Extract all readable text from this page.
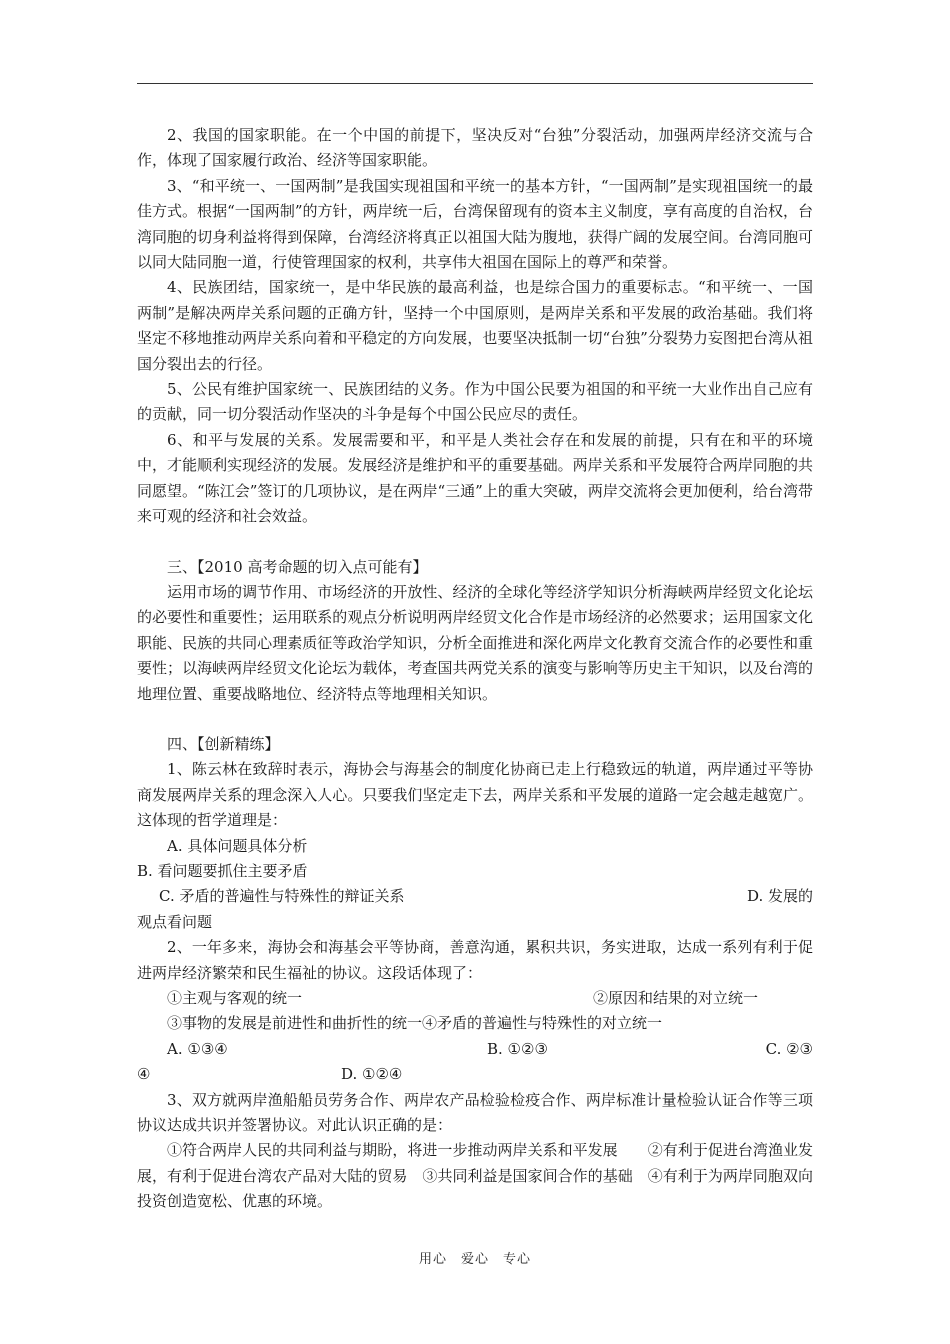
2、我国的国家职能。在一个中国的前提下，坚决反对“台独”分裂活动，加强两岸经济交流与合作，体现了国家履行政治、经济等国家职能。

3、“和平统一、一国两制”是我国实现祖国和平统一的基本方针，“一国两制”是实现祖国统一的最佳方式。根据“一国两制”的方针，两岸统一后，台湾保留现有的资本主义制度，享有高度的自治权，台湾同胞的切身利益将得到保障，台湾经济将真正以祖国大陆为腹地，获得广阔的发展空间。台湾同胞可以同大陆同胞一道，行使管理国家的权利，共享伟大祖国在国际上的尊严和荣誉。

4、民族团结，国家统一，是中华民族的最高利益，也是综合国力的重要标志。“和平统一、一国两制”是解决两岸关系问题的正确方针，坚持一个中国原则，是两岸关系和平发展的政治基础。我们将坚定不移地推动两岸关系向着和平稳定的方向发展，也要坚决抵制一切“台独”分裂势力妄图把台湾从祖国分裂出去的行径。

5、公民有维护国家统一、民族团结的义务。作为中国公民要为祖国的和平统一大业作出自己应有的贡献，同一切分裂活动作坚决的斗争是每个中国公民应尽的责任。

6、和平与发展的关系。发展需要和平，和平是人类社会存在和发展的前提，只有在和平的环境中，才能顺利实现经济的发展。发展经济是维护和平的重要基础。两岸关系和平发展符合两岸同胞的共同愿望。“陈江会”签订的几项协议，是在两岸“三通”上的重大突破，两岸交流将会更加便利，给台湾带来可观的经济和社会效益。

三、【2010 高考命题的切入点可能有】

运用市场的调节作用、市场经济的开放性、经济的全球化等经济学知识分析海峡两岸经贸文化论坛的必要性和重要性；运用联系的观点分析说明两岸经贸文化合作是市场经济的必然要求；运用国家文化职能、民族的共同心理素质征等政治学知识，分析全面推进和深化两岸文化教育交流合作的必要性和重要性；以海峡两岸经贸文化论坛为载体，考查国共两党关系的演变与影响等历史主干知识，以及台湾的地理位置、重要战略地位、经济特点等地理相关知识。

四、【创新精练】

1、陈云林在致辞时表示，海协会与海基会的制度化协商已走上行稳致远的轨道，两岸通过平等协商发展两岸关系的理念深入人心。只要我们坚定走下去，两岸关系和平发展的道路一定会越走越宽广。这体现的哲学道理是：

A. 具体问题具体分析

B. 看问题要抓住主要矛盾

C. 矛盾的普遍性与特殊性的辩证关系	D. 发展的

观点看问题

2、一年多来，海协会和海基会平等协商，善意沟通，累积共识，务实进取，达成一系列有利于促进两岸经济繁荣和民生福祉的协议。这段话体现了：

①主观与客观的统一	②原因和结果的对立统一
③事物的发展是前进性和曲折性的统一 ④矛盾的普遍性与特殊性的对立统一
A. ①③④	B. ①②③	C. ②③
④	D. ①②④

3、双方就两岸渔船船员劳务合作、两岸农产品检验检疫合作、两岸标准计量检验认证合作等三项协议达成共识并签署协议。对此认识正确的是：

①符合两岸人民的共同利益与期盼，将进一步推动两岸关系和平发展　　②有利于促进台湾渔业发展，有利于促进台湾农产品对大陆的贸易　③共同利益是国家间合作的基础　④有利于为两岸同胞双向投资创造宽松、优惠的环境。

用心　爱心　专心
